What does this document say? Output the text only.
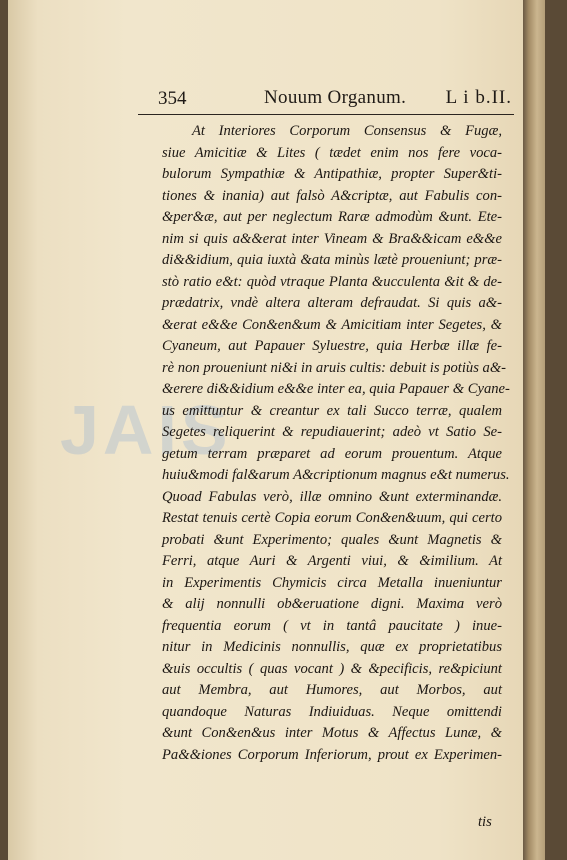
JAIS
354	Nouum Organum. L i b.II.
At Interiores Corporum Consensus & Fugæ,
siue Amicitiæ & Lites ( tædet enim nos fere voca-
bulorum Sympathiæ & Antipathiæ, propter Super&ti-
tiones & inania) aut falsò A&criptæ, aut Fabulis con-
&per&æ, aut per neglectum Raræ admodùm &unt. Ete-
nim si quis a&&erat inter Vineam & Bra&&icam e&&e
di&&idium, quia iuxtà &ata minùs lætè proueniunt; præ-
stò ratio e&t: quòd vtraque Planta &ucculenta &it & de-
prædatrix, vndè altera alteram defraudat. Si quis a&-
&erat e&&e Con&en&um & Amicitiam inter Segetes, &
Cyaneum, aut Papauer Syluestre, quia Herbæ illæ fe-
rè non proueniunt ni&i in aruis cultis: debuit is potiùs a&-
&erere di&&idium e&&e inter ea, quia Papauer & Cyane-
us emittuntur & creantur ex tali Succo terræ, qualem
Segetes reliquerint & repudiauerint; adeò vt Satio Se-
getum terram præparet ad eorum prouentum. Atque
huiu&modi fal&arum A&criptionum magnus e&t numerus.
Quoad Fabulas verò, illæ omnino &unt exterminandæ.
Restat tenuis certè Copia eorum Con&en&uum, qui certo
probati &unt Experimento; quales &unt Magnetis &
Ferri, atque Auri & Argenti viui, & &imilium. At
in Experimentis Chymicis circa Metalla inueniuntur
& alij nonnulli ob&eruatione digni. Maxima verò
frequentia eorum ( vt in tantâ paucitate ) inue-
nitur in Medicinis nonnullis, quæ ex proprietatibus
&uis occultis ( quas vocant ) & &pecificis, re&piciunt
aut Membra, aut Humores, aut Morbos, aut
quandoque Naturas Indiuiduas. Neque omittendi
&unt Con&en&us inter Motus & Affectus Lunæ, &
Pa&&iones Corporum Inferiorum, prout ex Experimen-
tis
